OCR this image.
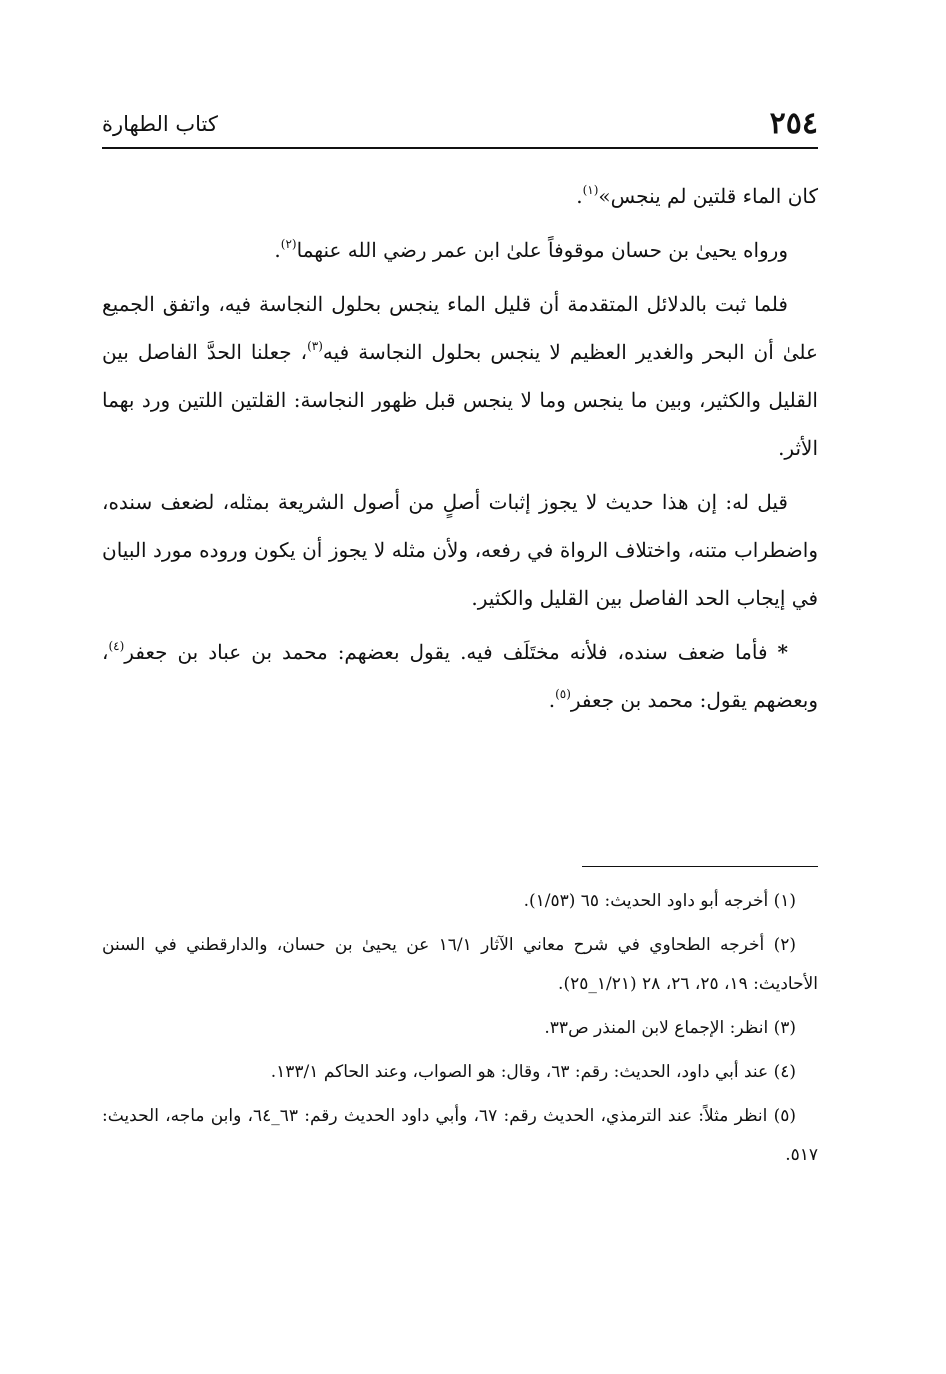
٢٥٤
كتاب الطهارة

كان الماء قلتين لم ينجس»$^{(١)}$.

ورواه يحيىٰ بن حسان موقوفاً علىٰ ابن عمر رضي الله عنهما$^{(٢)}$.

فلما ثبت بالدلائل المتقدمة أن قليل الماء ينجس بحلول النجاسة فيه، واتفق الجميع علىٰ أن البحر والغدير العظيم لا ينجس بحلول النجاسة فيه$^{(٣)}$، جعلنا الحدَّ الفاصل بين القليل والكثير، وبين ما ينجس وما لا ينجس قبل ظهور النجاسة: القلتين اللتين ورد بهما الأثر.

قيل له: إن هذا حديث لا يجوز إثبات أصلٍ من أصول الشريعة بمثله، لضعف سنده، واضطراب متنه، واختلاف الرواة في رفعه، ولأن مثله لا يجوز أن يكون وروده مورد البيان في إيجاب الحد الفاصل بين القليل والكثير.

* فأما ضعف سنده، فلأنه مختَلَف فيه. يقول بعضهم: محمد بن عباد بن جعفر$^{(٤)}$، وبعضهم يقول: محمد بن جعفر$^{(٥)}$.

(١) أخرجه أبو داود الحديث: ٦٥ (١/٥٣).

(٢) أخرجه الطحاوي في شرح معاني الآثار ١٦/١ عن يحيىٰ بن حسان، والدارقطني في السنن الأحاديث: ١٩، ٢٥، ٢٦، ٢٨ (١/٢١_٢٥).

(٣) انظر: الإجماع لابن المنذر ص٣٣.

(٤) عند أبي داود، الحديث: رقم: ٦٣، وقال: هو الصواب، وعند الحاكم ١٣٣/١.

(٥) انظر مثلاً: عند الترمذي، الحديث رقم: ٦٧، وأبي داود الحديث رقم: ٦٣_٦٤، وابن ماجه، الحديث: ٥١٧.
